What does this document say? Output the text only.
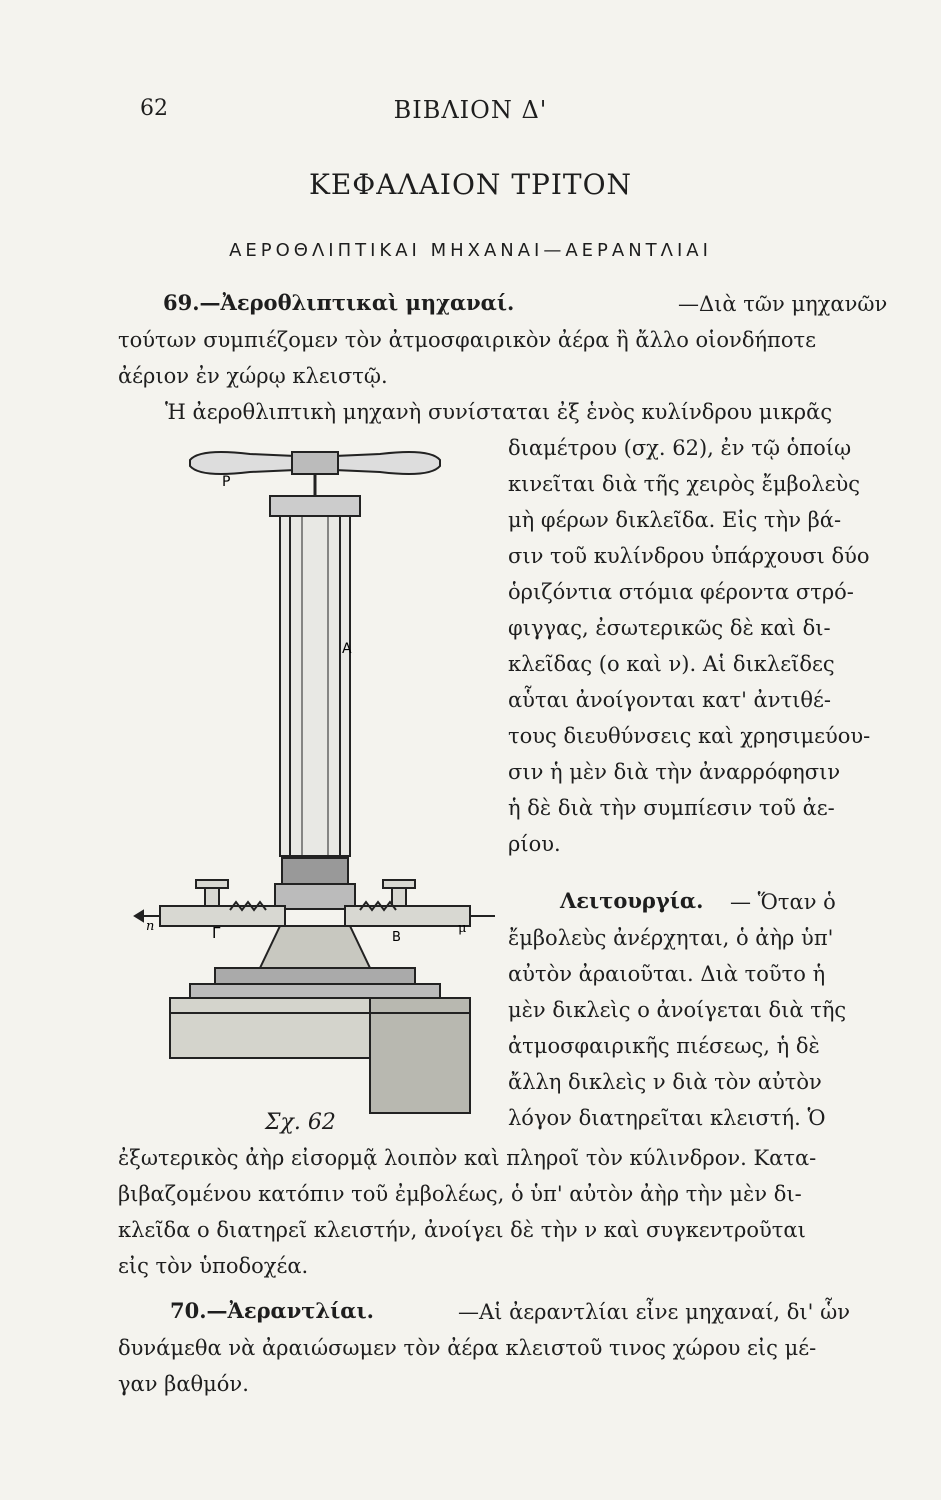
62	ΒΙΒΛΙΟΝ Δ'
ΚΕΦΑΛΑΙΟΝ ΤΡΙΤΟΝ
ΑΕΡΟΘΛΙΠΤΙΚΑΙ ΜΗΧΑΝΑΙ—ΑΕΡΑΝΤΛΙΑΙ
69.—Ἀεροθλιπτικαὶ μηχαναί.	—Διὰ τῶν μηχανῶν
τούτων συμπιέζομεν τὸν ἀτμοσφαιρικὸν ἀέρα ἢ ἄλλο οἱονδήποτε
ἀέριον ἐν χώρῳ κλειστῷ.
Ἡ ἀεροθλιπτικὴ μηχανὴ συνίσταται ἐξ ἑνὸς κυλίνδρου μικρᾶς
διαμέτρου (σχ. 62), ἐν τῷ ὁποίῳ
κινεῖται διὰ τῆς χειρὸς ἔμβολεὺς
μὴ φέρων δικλεῖδα. Εἰς τὴν βά-
σιν τοῦ κυλίνδρου ὑπάρχουσι δύο
ὁριζόντια στόμια φέροντα στρό-
φιγγας, ἐσωτερικῶς δὲ καὶ δι-
κλεῖδας (ο καὶ ν). Αἱ δικλεῖδες
αὗται ἀνοίγονται κατ' ἀντιθέ-
τους διευθύνσεις καὶ χρησιμεύου-
σιν ἡ μὲν διὰ τὴν ἀναρρόφησιν
ἡ δὲ διὰ τὴν συμπίεσιν τοῦ ἀε-
ρίου.
Λειτουργία. — Ὅταν ὁ
ἔμβολεὺς ἀνέρχηται, ὁ ἀὴρ ὑπ'
αὐτὸν ἀραιοῦται. Διὰ τοῦτο ἡ
μὲν δικλεὶς ο ἀνοίγεται διὰ τῆς
ἀτμοσφαιρικῆς πιέσεως, ἡ δὲ
ἄλλη δικλεὶς ν διὰ τὸν αὐτὸν
λόγον διατηρεῖται κλειστή. Ὁ
ἐξωτερικὸς ἀὴρ εἰσορμᾷ λοιπὸν καὶ πληροῖ τὸν κύλινδρον. Κατα-
βιβαζομένου κατόπιν τοῦ ἐμβολέως, ὁ ὑπ' αὐτὸν ἀὴρ τὴν μὲν δι-
κλεῖδα ο διατηρεῖ κλειστήν, ἀνοίγει δὲ τὴν ν καὶ συγκεντροῦται
εἰς τὸν ὑποδοχέα.
70.—Ἀεραντλίαι.	—Αἱ ἀεραντλίαι εἶνε μηχαναί, δι' ὧν
δυνάμεθα νὰ ἀραιώσωμεν τὸν ἀέρα κλειστοῦ τινος χώρου εἰς μέ-
γαν βαθμόν.
P
A
Γ	B
n	μ
Σχ. 62
